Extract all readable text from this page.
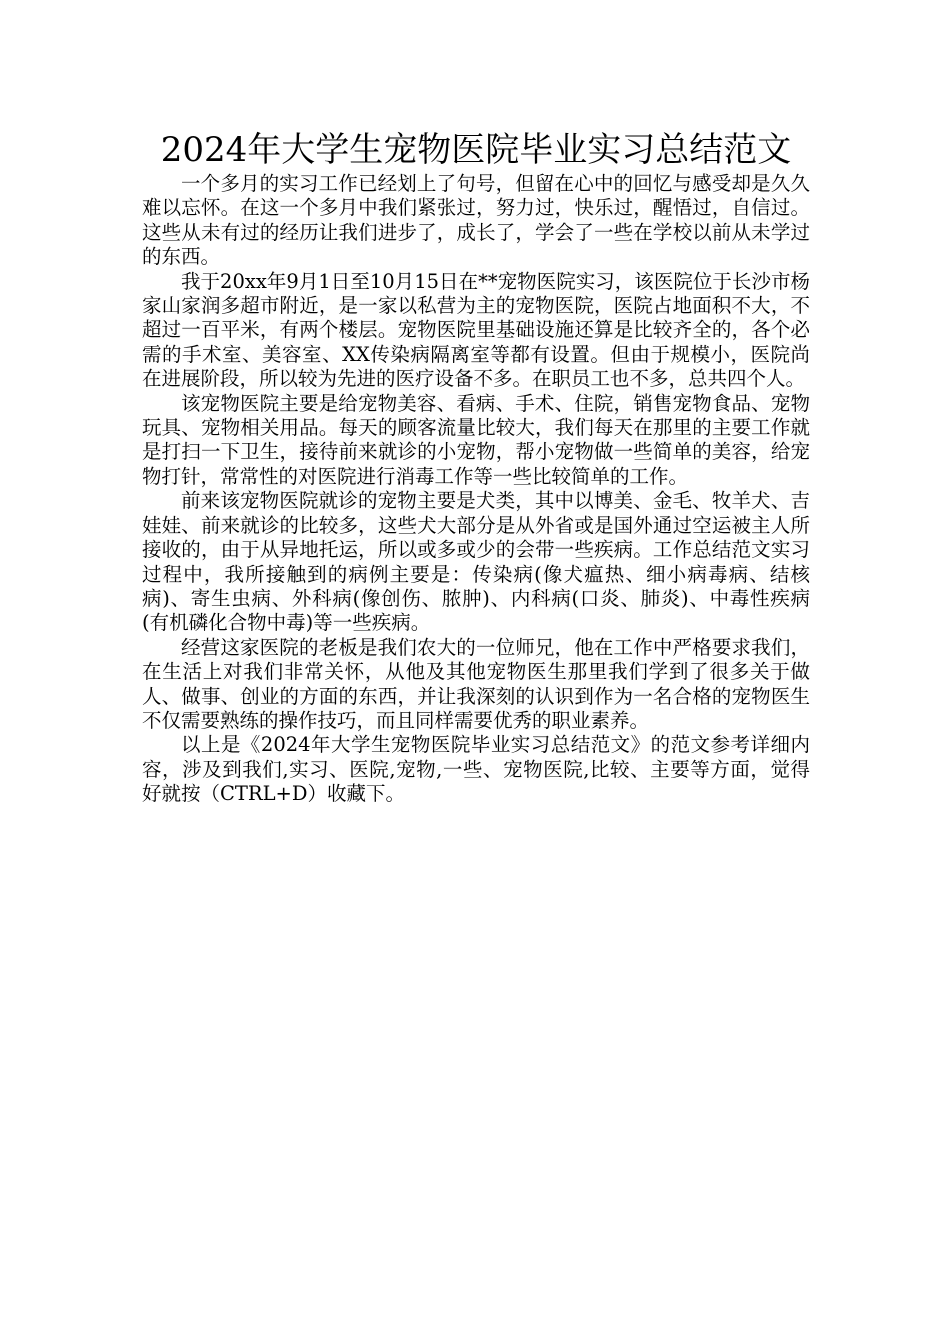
2024年大学生宠物医院毕业实习总结范文

一个多月的实习工作已经划上了句号，但留在心中的回忆与感受却是久久难以忘怀。在这一个多月中我们紧张过，努力过，快乐过，醒悟过，自信过。这些从未有过的经历让我们进步了，成长了，学会了一些在学校以前从未学过的东西。

我于20xx年9月1日至10月15日在**宠物医院实习，该医院位于长沙市杨家山家润多超市附近，是一家以私营为主的宠物医院，医院占地面积不大，不超过一百平米，有两个楼层。宠物医院里基础设施还算是比较齐全的，各个必需的手术室、美容室、XX传染病隔离室等都有设置。但由于规模小，医院尚在进展阶段，所以较为先进的医疗设备不多。在职员工也不多，总共四个人。

该宠物医院主要是给宠物美容、看病、手术、住院，销售宠物食品、宠物玩具、宠物相关用品。每天的顾客流量比较大，我们每天在那里的主要工作就是打扫一下卫生，接待前来就诊的小宠物，帮小宠物做一些简单的美容，给宠物打针，常常性的对医院进行消毒工作等一些比较简单的工作。

前来该宠物医院就诊的宠物主要是犬类，其中以博美、金毛、牧羊犬、吉娃娃、前来就诊的比较多，这些犬大部分是从外省或是国外通过空运被主人所接收的，由于从异地托运，所以或多或少的会带一些疾病。工作总结范文实习过程中，我所接触到的病例主要是：传染病(像犬瘟热、细小病毒病、结核病)、寄生虫病、外科病(像创伤、脓肿)、内科病(口炎、肺炎)、中毒性疾病(有机磷化合物中毒)等一些疾病。

经营这家医院的老板是我们农大的一位师兄，他在工作中严格要求我们，在生活上对我们非常关怀，从他及其他宠物医生那里我们学到了很多关于做人、做事、创业的方面的东西，并让我深刻的认识到作为一名合格的宠物医生不仅需要熟练的操作技巧，而且同样需要优秀的职业素养。

以上是《2024年大学生宠物医院毕业实习总结范文》的范文参考详细内容，涉及到我们,实习、医院,宠物,一些、宠物医院,比较、主要等方面，觉得好就按（CTRL+D）收藏下。
